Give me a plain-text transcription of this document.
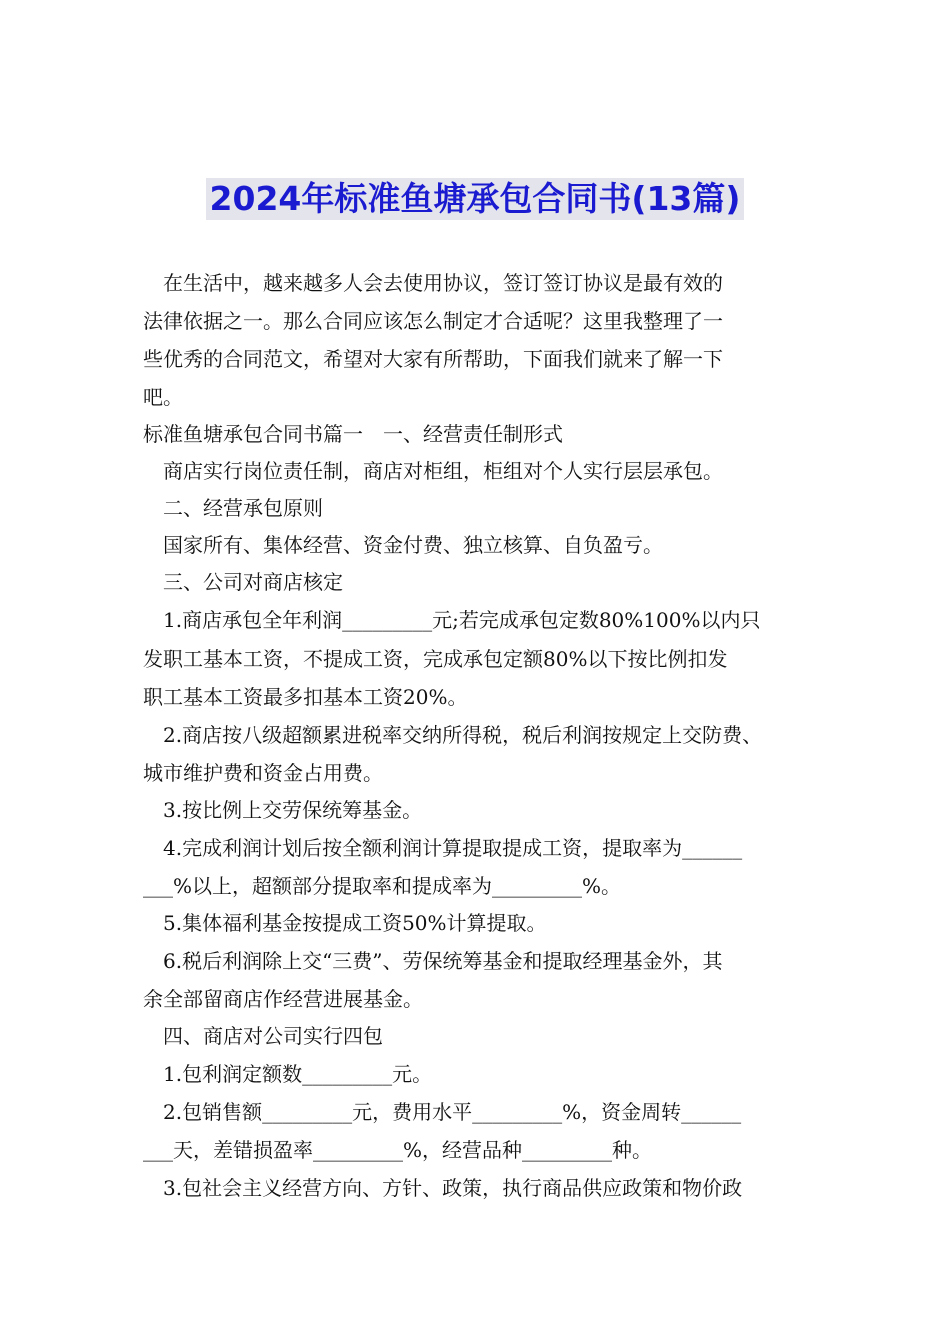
2024年标准鱼塘承包合同书(13篇)
　在生活中，越来越多人会去使用协议，签订签订协议是最有效的
法律依据之一。那么合同应该怎么制定才合适呢？这里我整理了一
些优秀的合同范文，希望对大家有所帮助，下面我们就来了解一下
吧。
标准鱼塘承包合同书篇一　一、经营责任制形式
　商店实行岗位责任制，商店对柜组，柜组对个人实行层层承包。
　二、经营承包原则
　国家所有、集体经营、资金付费、独立核算、自负盈亏。
　三、公司对商店核定
　1.商店承包全年利润_________元;若完成承包定数80%100%以内只
发职工基本工资，不提成工资，完成承包定额80%以下按比例扣发
职工基本工资最多扣基本工资20%。
　2.商店按八级超额累进税率交纳所得税，税后利润按规定上交防费、
城市维护费和资金占用费。
　3.按比例上交劳保统筹基金。
　4.完成利润计划后按全额利润计算提取提成工资，提取率为______
___%以上，超额部分提取率和提成率为_________%。
　5.集体福利基金按提成工资50%计算提取。
　6.税后利润除上交“三费”、劳保统筹基金和提取经理基金外，其
余全部留商店作经营进展基金。
　四、商店对公司实行四包
　1.包利润定额数_________元。
　2.包销售额_________元，费用水平_________%，资金周转______
___天，差错损盈率_________%，经营品种_________种。
　3.包社会主义经营方向、方针、政策，执行商品供应政策和物价政
